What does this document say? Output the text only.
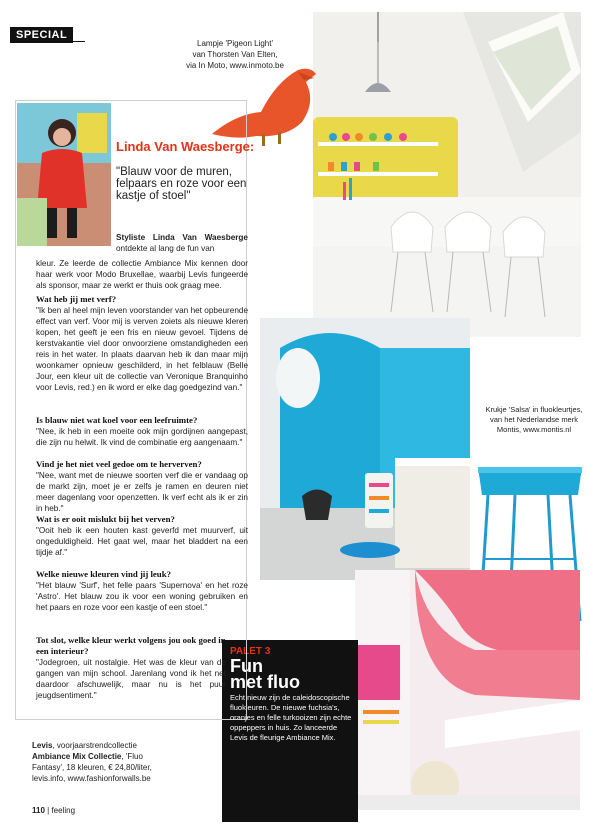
SPECIAL
Lampje 'Pigeon Light'
van Thorsten Van Elten,
via In Moto, www.inmoto.be
Krukje 'Salsa' in fluokleurtjes,
van het Nederlandse merk
Montis, www.montis.nl
PALET 3
Fun
met fluo
Echt nieuw zijn de caleidoscopische fluokleuren. De nieuwe fuchsia's, oranjes en felle turkooizen zijn echte oppeppers in huis. Zo lanceerde Levis de fleurige Ambiance Mix.
Linda Van Waesberge:
"Blauw voor de muren, felpaars en roze voor een kastje of stoel"
Styliste Linda Van Waesberge ontdekte al lang de fun van
kleur. Ze leerde de collectie Ambiance Mix kennen door haar werk voor Modo Bruxellae, waarbij Levis fungeerde als sponsor, maar ze werkt er thuis ook graag mee.
Wat heb jij met verf?
"Ik ben al heel mijn leven voorstander van het opbeurende effect van verf. Voor mij is verven zoiets als nieuwe kleren kopen, het geeft je een fris en nieuw gevoel. Tijdens de kerstvakantie viel door onvoorziene omstandigheden een reis in het water. In plaats daarvan heb ik dan maar mijn woonkamer opnieuw geschilderd, in het felblauw (Belle Jour, een kleur uit de collectie van Veronique Branquinho voor Levis, red.) en ik word er elke dag goedgezind van."
Is blauw niet wat koel voor een leefruimte?
"Nee, ik heb in een moeite ook mijn gordijnen aangepast, die zijn nu helwit. Ik vind de combinatie erg aangenaam."
Vind je het niet veel gedoe om te herverven?
"Nee, want met de nieuwe soorten verf die er vandaag op de markt zijn, moet je er zelfs je ramen en deuren niet meer dagenlang voor openzetten. Ik verf echt als ik er zin in heb."
Wat is er ooit mislukt bij het verven?
"Ooit heb ik een houten kast geverfd met muurverf, uit ongeduldigheid. Het gaat wel, maar het bladdert na een tijdje af."
Welke nieuwe kleuren vind jij leuk?
"Het blauw 'Surf', het felle paars 'Supernova' en het roze 'Astro'. Het blauw zou ik voor een woning gebruiken en het paars en roze voor een kastje of een stoel."
Tot slot, welke kleur werkt volgens jou ook goed in een interieur?
"Jodegroen, uit nostalgie. Het was de kleur van de gangen van mijn school. Jarenlang vond ik het net daardoor afschuwelijk, maar nu is het puur jeugdsentiment."
Levis, voorjaarstrendcollectie
Ambiance Mix Collectie, 'Fluo
Fantasy', 18 kleuren, € 24,80/liter,
levis.info, www.fashionforwalls.be
110 | feeling
